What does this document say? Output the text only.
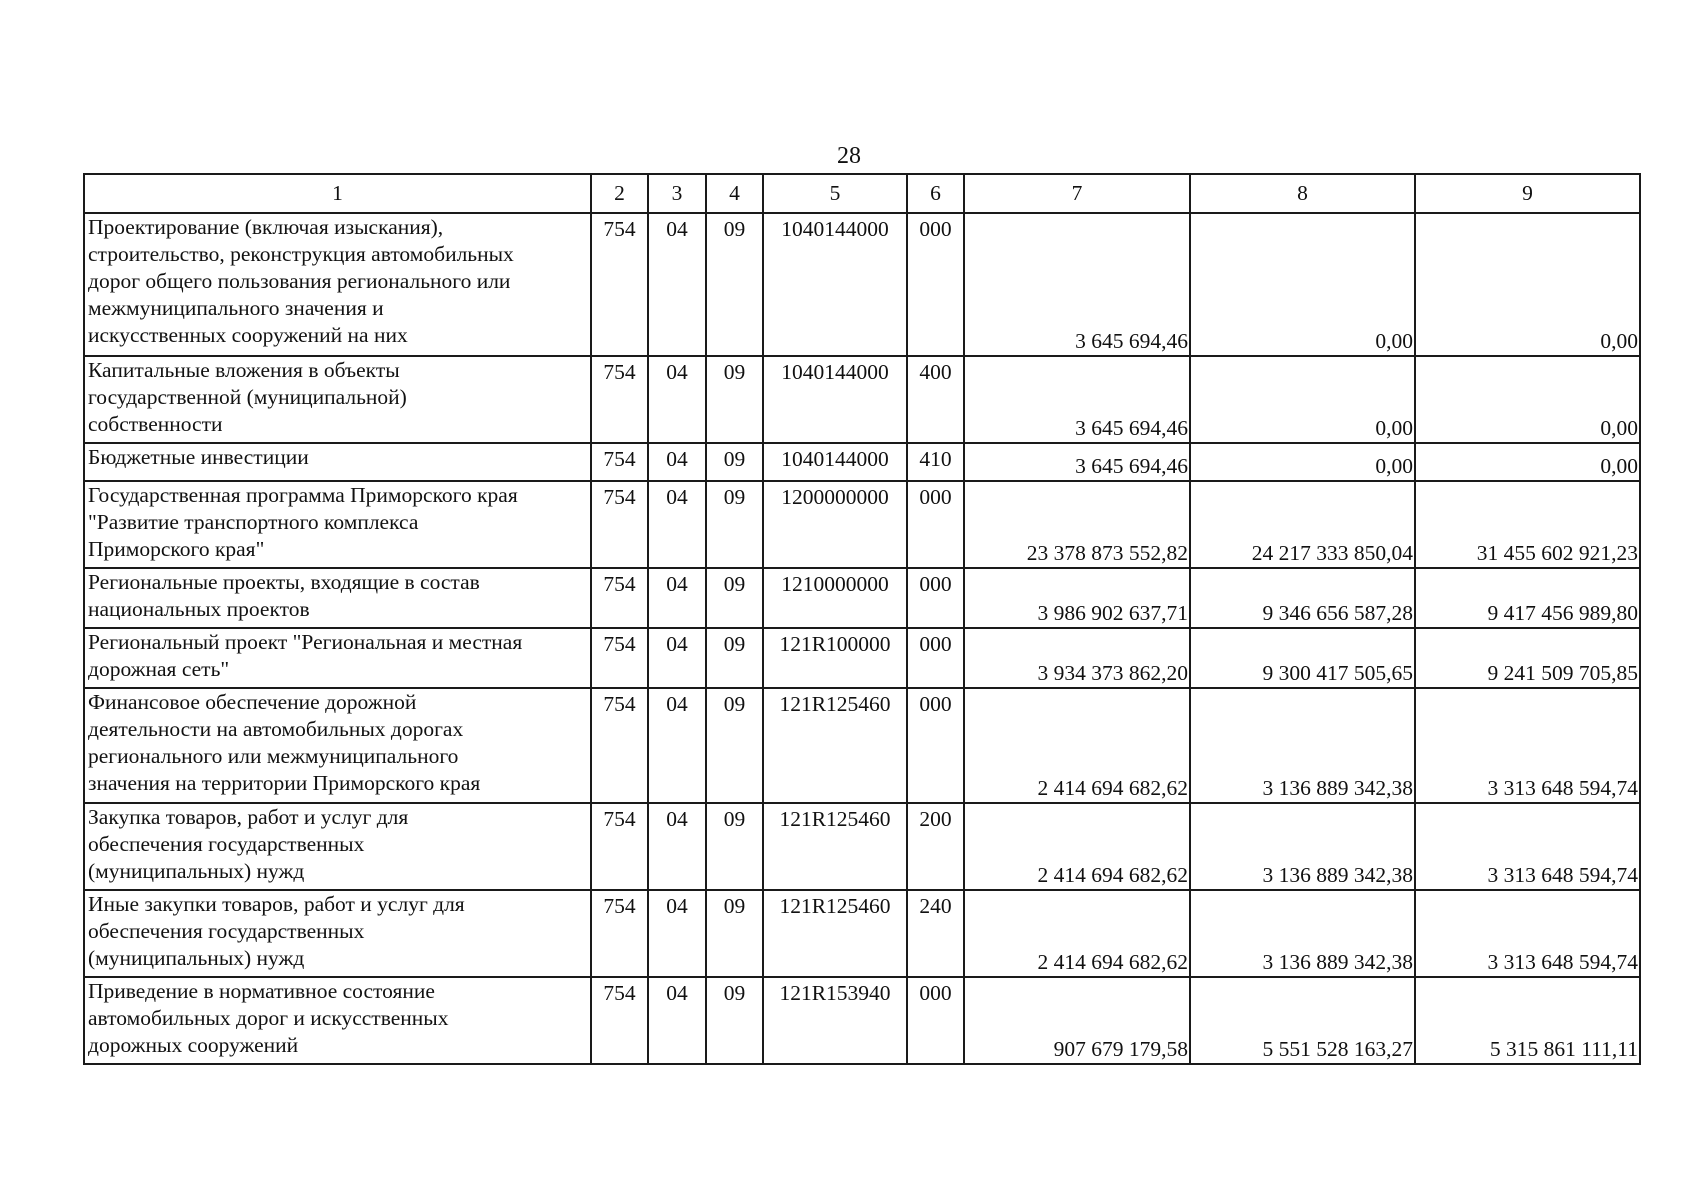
28
1	2	3	4	5	6	7	8	9
Проектирование (включая изыскания),
строительство, реконструкция автомобильных
дорог общего пользования регионального или
межмуниципального значения и
искусственных сооружений на них	754	04	09	1040144000	000	3 645 694,46	0,00	0,00
Капитальные вложения в объекты
государственной (муниципальной)
собственности	754	04	09	1040144000	400	3 645 694,46	0,00	0,00
Бюджетные инвестиции	754	04	09	1040144000	410	3 645 694,46	0,00	0,00
Государственная программа Приморского края
"Развитие транспортного комплекса
Приморского края"	754	04	09	1200000000	000	23 378 873 552,82	24 217 333 850,04	31 455 602 921,23
Региональные проекты, входящие в состав
национальных проектов	754	04	09	1210000000	000	3 986 902 637,71	9 346 656 587,28	9 417 456 989,80
Региональный проект "Региональная и местная
дорожная сеть"	754	04	09	121R100000	000	3 934 373 862,20	9 300 417 505,65	9 241 509 705,85
Финансовое обеспечение дорожной
деятельности на автомобильных дорогах
регионального или межмуниципального
значения на территории Приморского края	754	04	09	121R125460	000	2 414 694 682,62	3 136 889 342,38	3 313 648 594,74
Закупка товаров, работ и услуг для
обеспечения государственных
(муниципальных) нужд	754	04	09	121R125460	200	2 414 694 682,62	3 136 889 342,38	3 313 648 594,74
Иные закупки товаров, работ и услуг для
обеспечения государственных
(муниципальных) нужд	754	04	09	121R125460	240	2 414 694 682,62	3 136 889 342,38	3 313 648 594,74
Приведение в нормативное состояние
автомобильных дорог и искусственных
дорожных сооружений	754	04	09	121R153940	000	907 679 179,58	5 551 528 163,27	5 315 861 111,11
